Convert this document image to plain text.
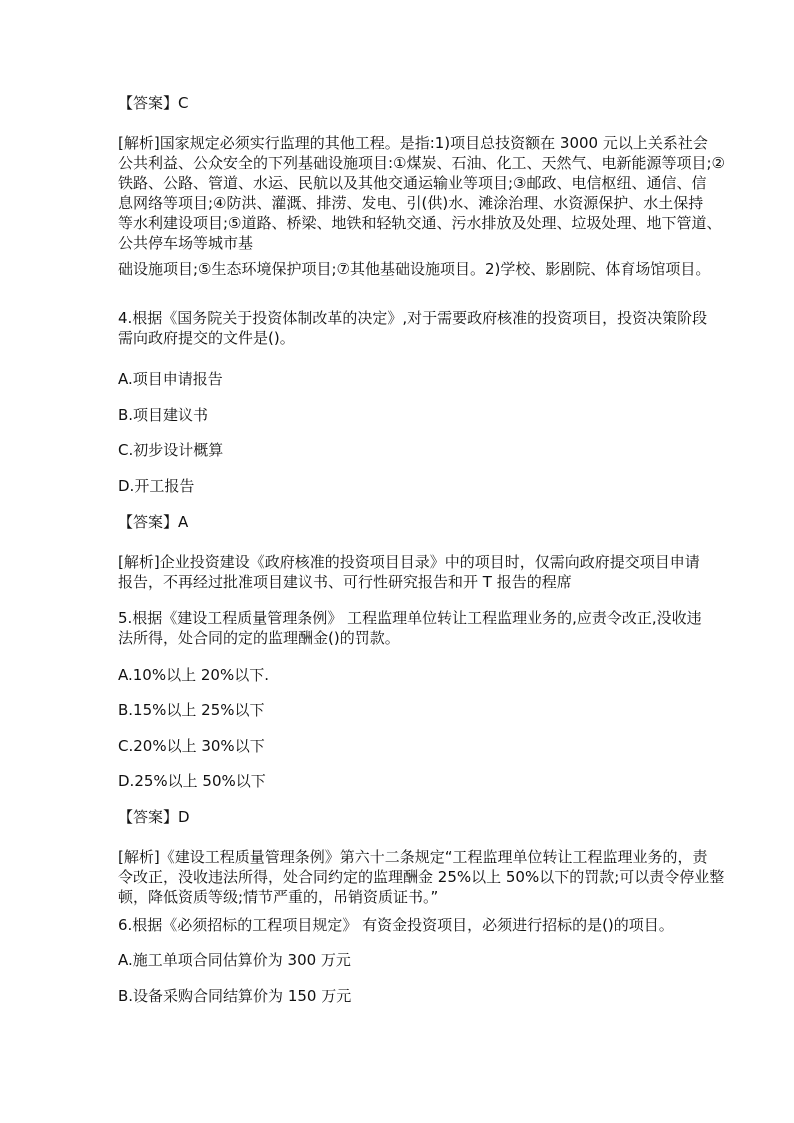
【答案】C
[解析]国家规定必须实行监理的其他工程。是指:1)项目总技资额在 3000 元以上关系社会
公共利益、公众安全的下列基础设施项目:①煤炭、石油、化工、天然气、电新能源等项目;②
铁路、公路、管道、水运、民航以及其他交通运输业等项目;③邮政、电信枢纽、通信、信
息网络等项目;④防洪、灌溉、排涝、发电、引(供)水、滩涂治理、水资源保护、水土保持
等水利建设项目;⑤道路、桥梁、地铁和轻轨交通、污水排放及处理、垃圾处理、地下管道、
公共停车场等城市基
础设施项目;⑤生态环境保护项目;⑦其他基础设施项目。2)学校、影剧院、体育场馆项目。
4.根据《国务院关于投资体制改革的决定》,对于需要政府核准的投资项目，投资决策阶段
需向政府提交的文件是()。
A.项目申请报告
B.项目建议书
C.初步设计概算
D.开工报告
【答案】A
[解析]企业投资建设《政府核准的投资项目目录》中的项目时，仅需向政府提交项目申请
报告，不再经过批准项目建议书、可行性研究报告和开 T 报告的程席
5.根据《建设工程质量管理条例》 工程监理单位转让工程监理业务的,应责令改正,没收违
法所得，处合同的定的监理酬金()的罚款。
A.10%以上 20%以下.
B.15%以上 25%以下
C.20%以上 30%以下
D.25%以上 50%以下
【答案】D
[解析]《建设工程质量管理条例》第六十二条规定“工程监理单位转让工程监理业务的，责
令改正，没收违法所得，处合同约定的监理酬金 25%以上 50%以下的罚款;可以责令停业整
顿，降低资质等级;情节严重的，吊销资质证书。”
6.根据《必须招标的工程项目规定》 有资金投资项目，必须进行招标的是()的项目。
A.施工单项合同估算价为 300 万元
B.设备采购合同结算价为 150 万元
